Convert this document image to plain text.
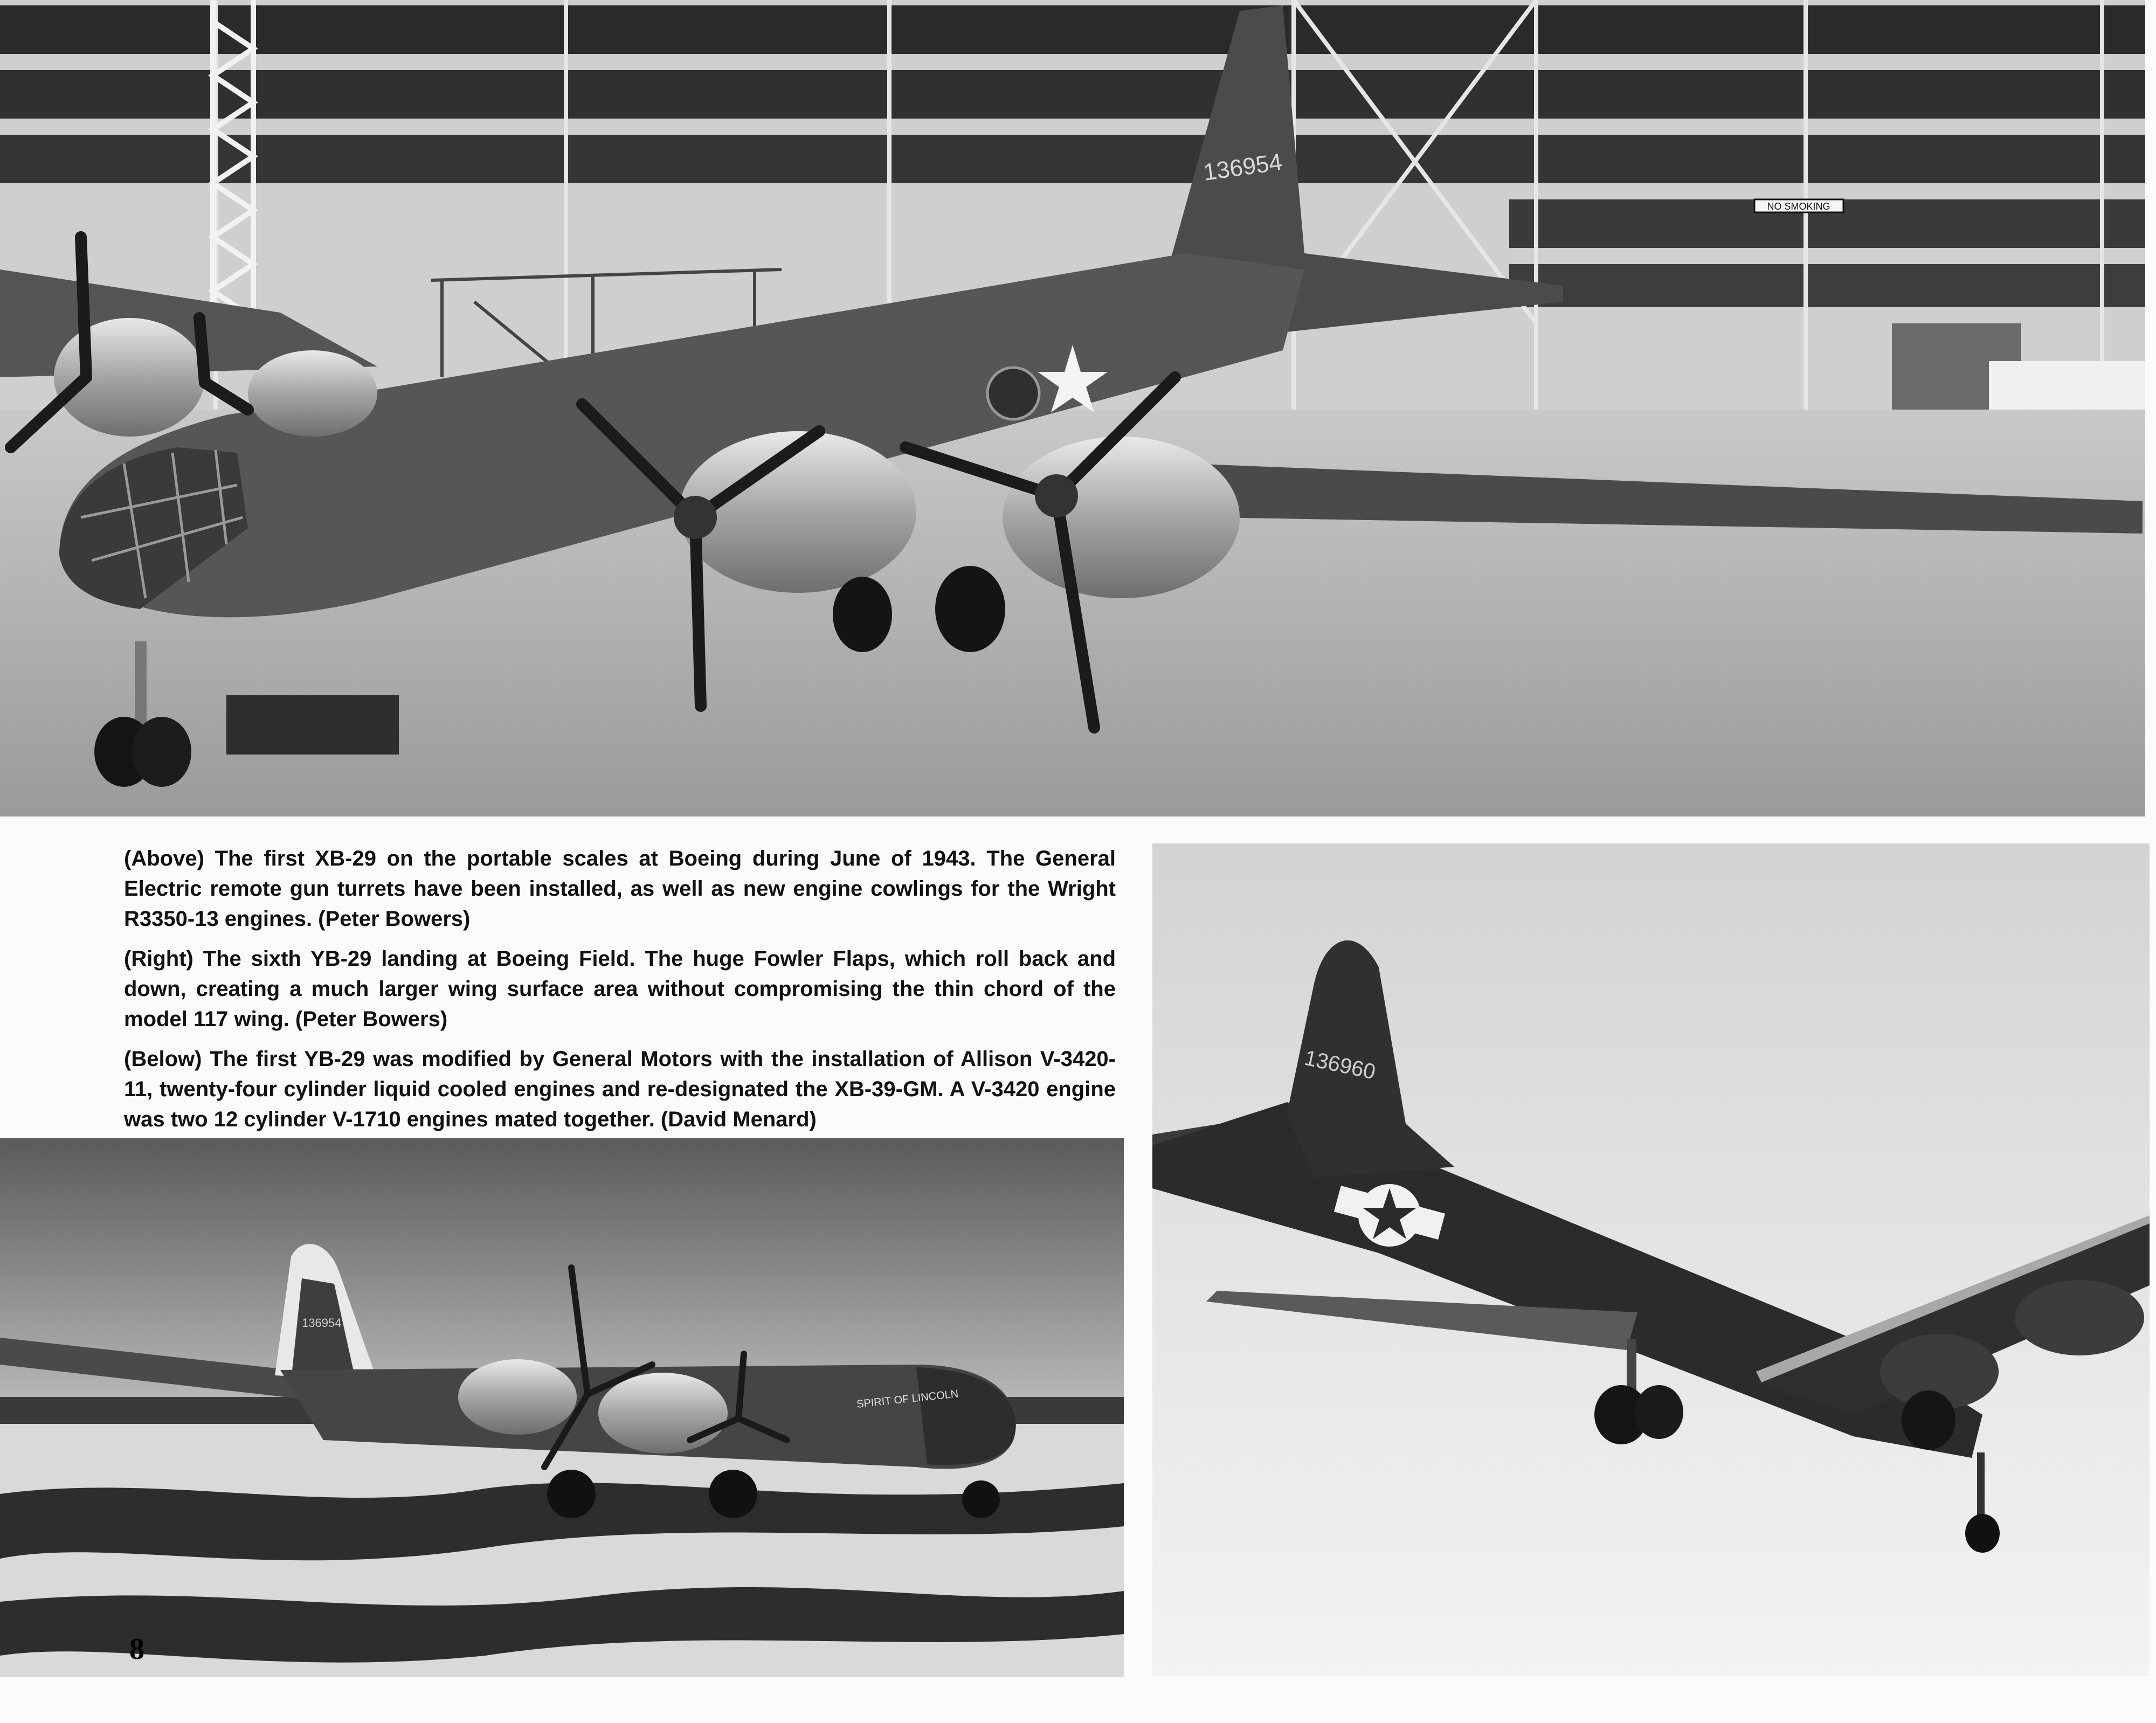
NO SMOKING
136954
136960
136954
SPIRIT OF LINCOLN

(Above) The first XB-29 on the portable scales at Boeing during June of 1943. The General Electric remote gun turrets have been installed, as well as new engine cowlings for the Wright R3350-13 engines. (Peter Bowers)

(Right) The sixth YB-29 landing at Boeing Field. The huge Fowler Flaps, which roll back and down, creating a much larger wing surface area without compromising the thin chord of the model 117 wing. (Peter Bowers)

(Below) The first YB-29 was modified by General Motors with the installation of Allison V-3420-11, twenty-four cylinder liquid cooled engines and re-designated the XB-39-GM. A V-3420 engine was two 12 cylinder V-1710 engines mated together. (David Menard)

8
